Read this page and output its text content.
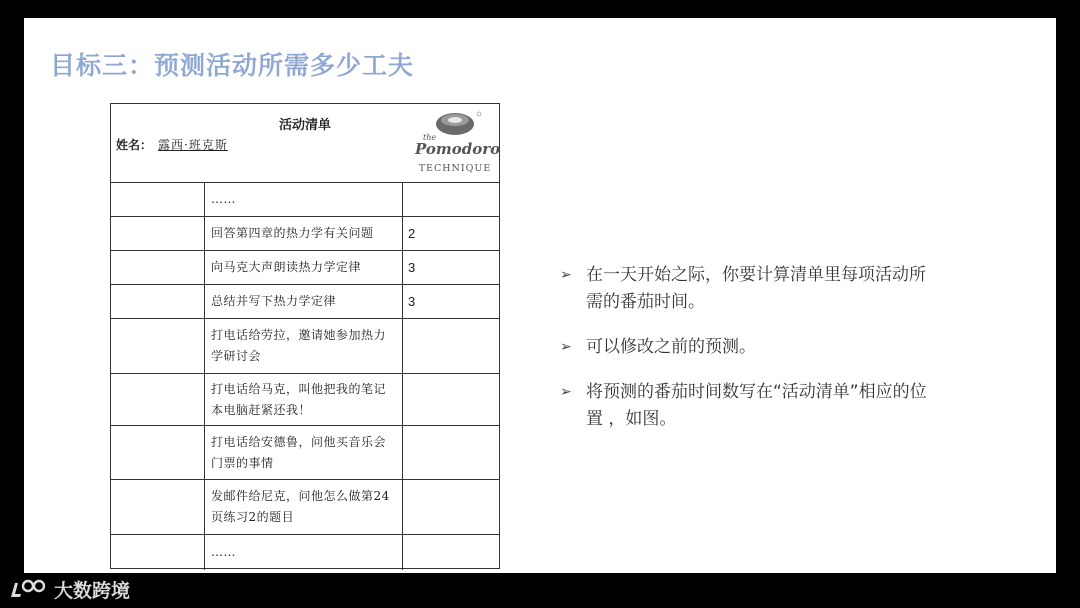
目标三：预测活动所需多少工夫
活动清单
姓名： 露西·班克斯
the
Pomodoro
TECHNIQUE
……
回答第四章的热力学有关问题	2
向马克大声朗读热力学定律	3
总结并写下热力学定律	3
打电话给劳拉，邀请她参加热力学研讨会
打电话给马克，叫他把我的笔记本电脑赶紧还我！
打电话给安德鲁，问他买音乐会门票的事情
发邮件给尼克，问他怎么做第24页练习2的题目
……
➢ 在一天开始之际，你要计算清单里每项活动所需的番茄时间。
➢ 可以修改之前的预测。
➢ 将预测的番茄时间数写在“活动清单”相应的位置 ，如图。
大数跨境
